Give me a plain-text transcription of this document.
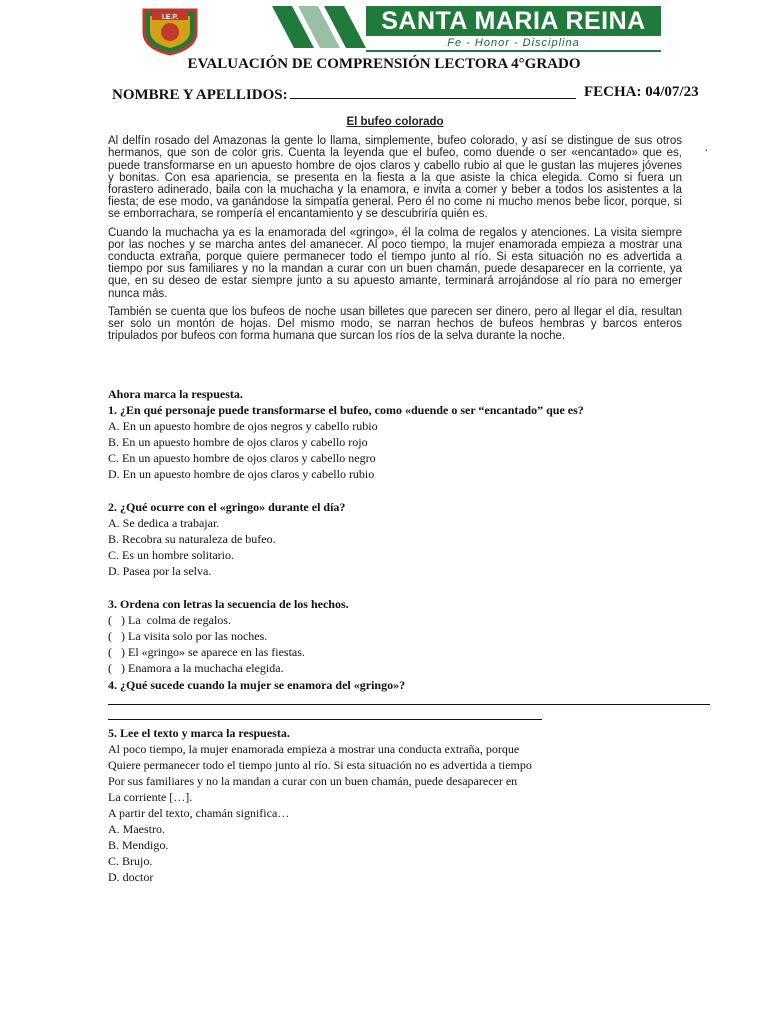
I.E.P.	SANTA MARIA REINA
Fe - Honor - Disciplina
EVALUACIÓN DE COMPRENSIÓN LECTORA 4°GRADO
NOMBRE Y APELLIDOS:	FECHA: 04/07/23
El bufeo colorado

Al delfín rosado del Amazonas la gente lo llama, simplemente, bufeo colorado, y así se distingue de sus otros hermanos, que son de color gris. Cuenta la leyenda que el bufeo, como duende o ser «encantado» que es, puede transformarse en un apuesto hombre de ojos claros y cabello rubio al que le gustan las mujeres jóvenes y bonitas. Con esa apariencia, se presenta en la fiesta a la que asiste la chica elegida. Como si fuera un forastero adinerado, baila con la muchacha y la enamora, e invita a comer y beber a todos los asistentes a la fiesta; de ese modo, va ganándose la simpatía general. Pero él no come ni mucho menos bebe licor, porque, si se emborrachara, se rompería el encantamiento y se descubriría quién es.

Cuando la muchacha ya es la enamorada del «gringo», él la colma de regalos y atenciones. La visita siempre por las noches y se marcha antes del amanecer. Al poco tiempo, la mujer enamorada empieza a mostrar una conducta extraña, porque quiere permanecer todo el tiempo junto al río. Si esta situación no es advertida a tiempo por sus familiares y no la mandan a curar con un buen chamán, puede desaparecer en la corriente, ya que, en su deseo de estar siempre junto a su apuesto amante, terminará arrojándose al río para no emerger nunca más.

También se cuenta que los bufeos de noche usan billetes que parecen ser dinero, pero al llegar el día, resultan ser solo un montón de hojas. Del mismo modo, se narran hechos de bufeos hembras y barcos enteros tripulados por bufeos con forma humana que surcan los ríos de la selva durante la noche.

.
Ahora marca la respuesta.
1. ¿En qué personaje puede transformarse el bufeo, como «duende o ser “encantado” que es?
A. En un apuesto hombre de ojos negros y cabello rubio
B. En un apuesto hombre de ojos claros y cabello rojo
C. En un apuesto hombre de ojos claros y cabello negro
D. En un apuesto hombre de ojos claros y cabello rubio
2. ¿Qué ocurre con el «gringo» durante el día?
A. Se dedica a trabajar.
B. Recobra su naturaleza de bufeo.
C. Es un hombre solitario.
D. Pasea por la selva.
3. Ordena con letras la secuencia de los hechos.
(   ) La  colma de regalos.
(   ) La visita solo por las noches.
(   ) El «gringo» se aparece en las fiestas.
(   ) Enamora a la muchacha elegida.
4. ¿Qué sucede cuando la mujer se enamora del «gringo»?
5. Lee el texto y marca la respuesta.
Al poco tiempo, la mujer enamorada empieza a mostrar una conducta extraña, porque
Quiere permanecer todo el tiempo junto al río. Si esta situación no es advertida a tiempo
Por sus familiares y no la mandan a curar con un buen chamán, puede desaparecer en
La corriente […].
A partir del texto, chamán significa…
A. Maestro.
B. Mendigo.
C. Brujo.
D. doctor
